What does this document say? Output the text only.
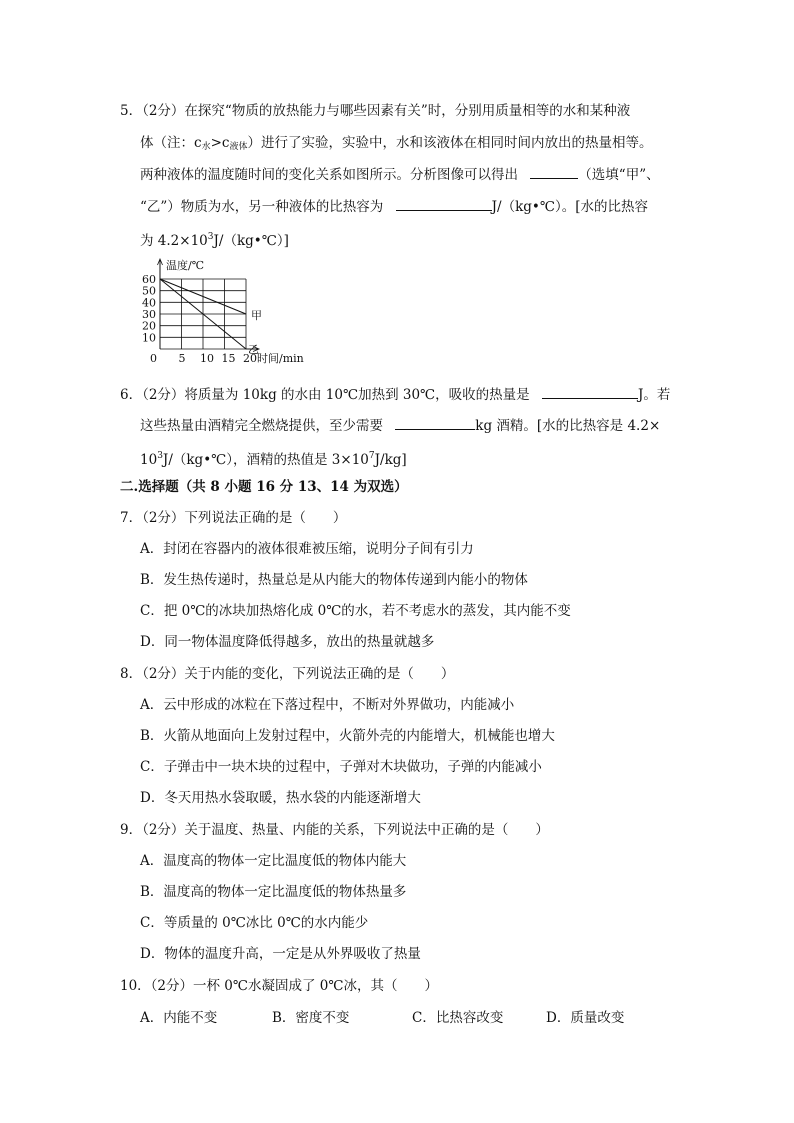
5．（2分）在探究“物质的放热能力与哪些因素有关”时，分别用质量相等的水和某种液
体（注：$c_水>c_{液体}$）进行了实验，实验中，水和该液体在相同时间内放出的热量相等。
两种液体的温度随时间的变化关系如图所示。分析图像可以得出	（选填“甲”、
“乙”）物质为水，另一种液体的比热容为	J/（kg•℃）。[水的比热容
为 $4.2\times 10^3J/(kg•℃)$]
甲
乙
10
20
30
40
50
60
0 5 10 15 20
温度/℃
时间/min
6．（2分）将质量为 10kg 的水由 10℃加热到 30℃，吸收的热量是	J。若
这些热量由酒精完全燃烧提供，至少需要	kg 酒精。[水的比热容是 4.2×
$10^3J/(kg•℃)$，酒精的热值是 $3\times 10^7J/kg$]
二.选择题（共 8 小题 16 分 13、14 为双选）
7．（2分）下列说法正确的是（　　）
A．封闭在容器内的液体很难被压缩，说明分子间有引力
B．发生热传递时，热量总是从内能大的物体传递到内能小的物体
C．把 0℃的冰块加热熔化成 0℃的水，若不考虑水的蒸发，其内能不变
D．同一物体温度降低得越多，放出的热量就越多
8．（2分）关于内能的变化，下列说法正确的是（　　）
A．云中形成的冰粒在下落过程中，不断对外界做功，内能减小
B．火箭从地面向上发射过程中，火箭外壳的内能增大，机械能也增大
C．子弹击中一块木块的过程中，子弹对木块做功，子弹的内能减小
D．冬天用热水袋取暖，热水袋的内能逐渐增大
9．（2分）关于温度、热量、内能的关系，下列说法中正确的是（　　）
A．温度高的物体一定比温度低的物体内能大
B．温度高的物体一定比温度低的物体热量多
C．等质量的 0℃冰比 0℃的水内能少
D．物体的温度升高，一定是从外界吸收了热量
10．（2分）一杯 0℃水凝固成了 0℃冰，其（　　）
A．内能不变	B．密度不变	C．比热容改变	D．质量改变
